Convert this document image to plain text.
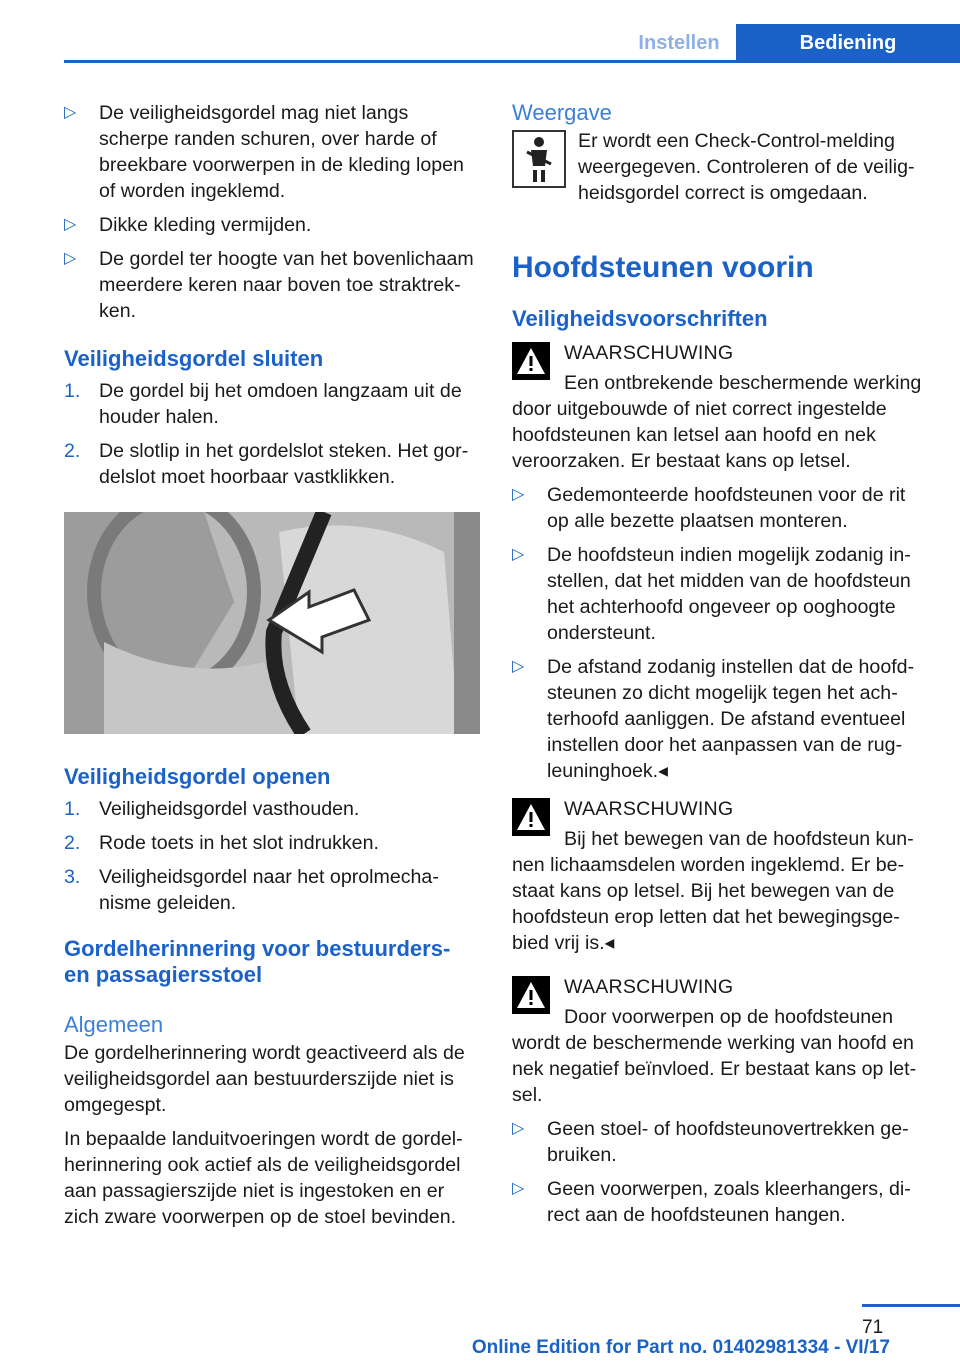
Instellen	Bediening
▷ De veiligheidsgordel mag niet langs scherpe randen schuren, over harde of breekbare voorwerpen in de kleding lopen of worden ingeklemd.
▷ Dikke kleding vermijden.
▷ De gordel ter hoogte van het bovenlichaam meerdere keren naar boven toe straktrekken.
Veiligheidsgordel sluiten
1. De gordel bij het omdoen langzaam uit de houder halen.
2. De slotlip in het gordelslot steken. Het gordelslot moet hoorbaar vastklikken.
Veiligheidsgordel openen
1. Veiligheidsgordel vasthouden.
2. Rode toets in het slot indrukken.
3. Veiligheidsgordel naar het oprolmechanisme geleiden.
Gordelherinnering voor bestuurders- en passagiersstoel
Algemeen

De gordelherinnering wordt geactiveerd als de veiligheidsgordel aan bestuurderszijde niet is omgegespt.

In bepaalde landuitvoeringen wordt de gordelherinnering ook actief als de veiligheidsgordel aan passagierszijde niet is ingestoken en er zich zware voorwerpen op de stoel bevinden.

Weergave

Er wordt een Check-Control-melding weergegeven. Controleren of de veiligheidsgordel correct is omgedaan.

Hoofdsteunen voorin
Veiligheidsvoorschriften
WAARSCHUWING

Een ontbrekende beschermende werking door uitgebouwde of niet correct ingestelde hoofdsteunen kan letsel aan hoofd en nek veroorzaken. Er bestaat kans op letsel.

▷ Gedemonteerde hoofdsteunen voor de rit op alle bezette plaatsen monteren.
▷ De hoofdsteun indien mogelijk zodanig instellen, dat het midden van de hoofdsteun het achterhoofd ongeveer op ooghoogte ondersteunt.
▷ De afstand zodanig instellen dat de hoofdsteunen zo dicht mogelijk tegen het achterhoofd aanliggen. De afstand eventueel instellen door het aanpassen van de rugleuninghoek.◂
WAARSCHUWING

Bij het bewegen van de hoofdsteun kunnen lichaamsdelen worden ingeklemd. Er bestaat kans op letsel. Bij het bewegen van de hoofdsteun erop letten dat het bewegingsgebied vrij is.◂

WAARSCHUWING

Door voorwerpen op de hoofdsteunen wordt de beschermende werking van hoofd en nek negatief beïnvloed. Er bestaat kans op letsel.

▷ Geen stoel- of hoofdsteunovertrekken gebruiken.
▷ Geen voorwerpen, zoals kleerhangers, direct aan de hoofdsteunen hangen.
71
Online Edition for Part no. 01402981334 - VI/17
